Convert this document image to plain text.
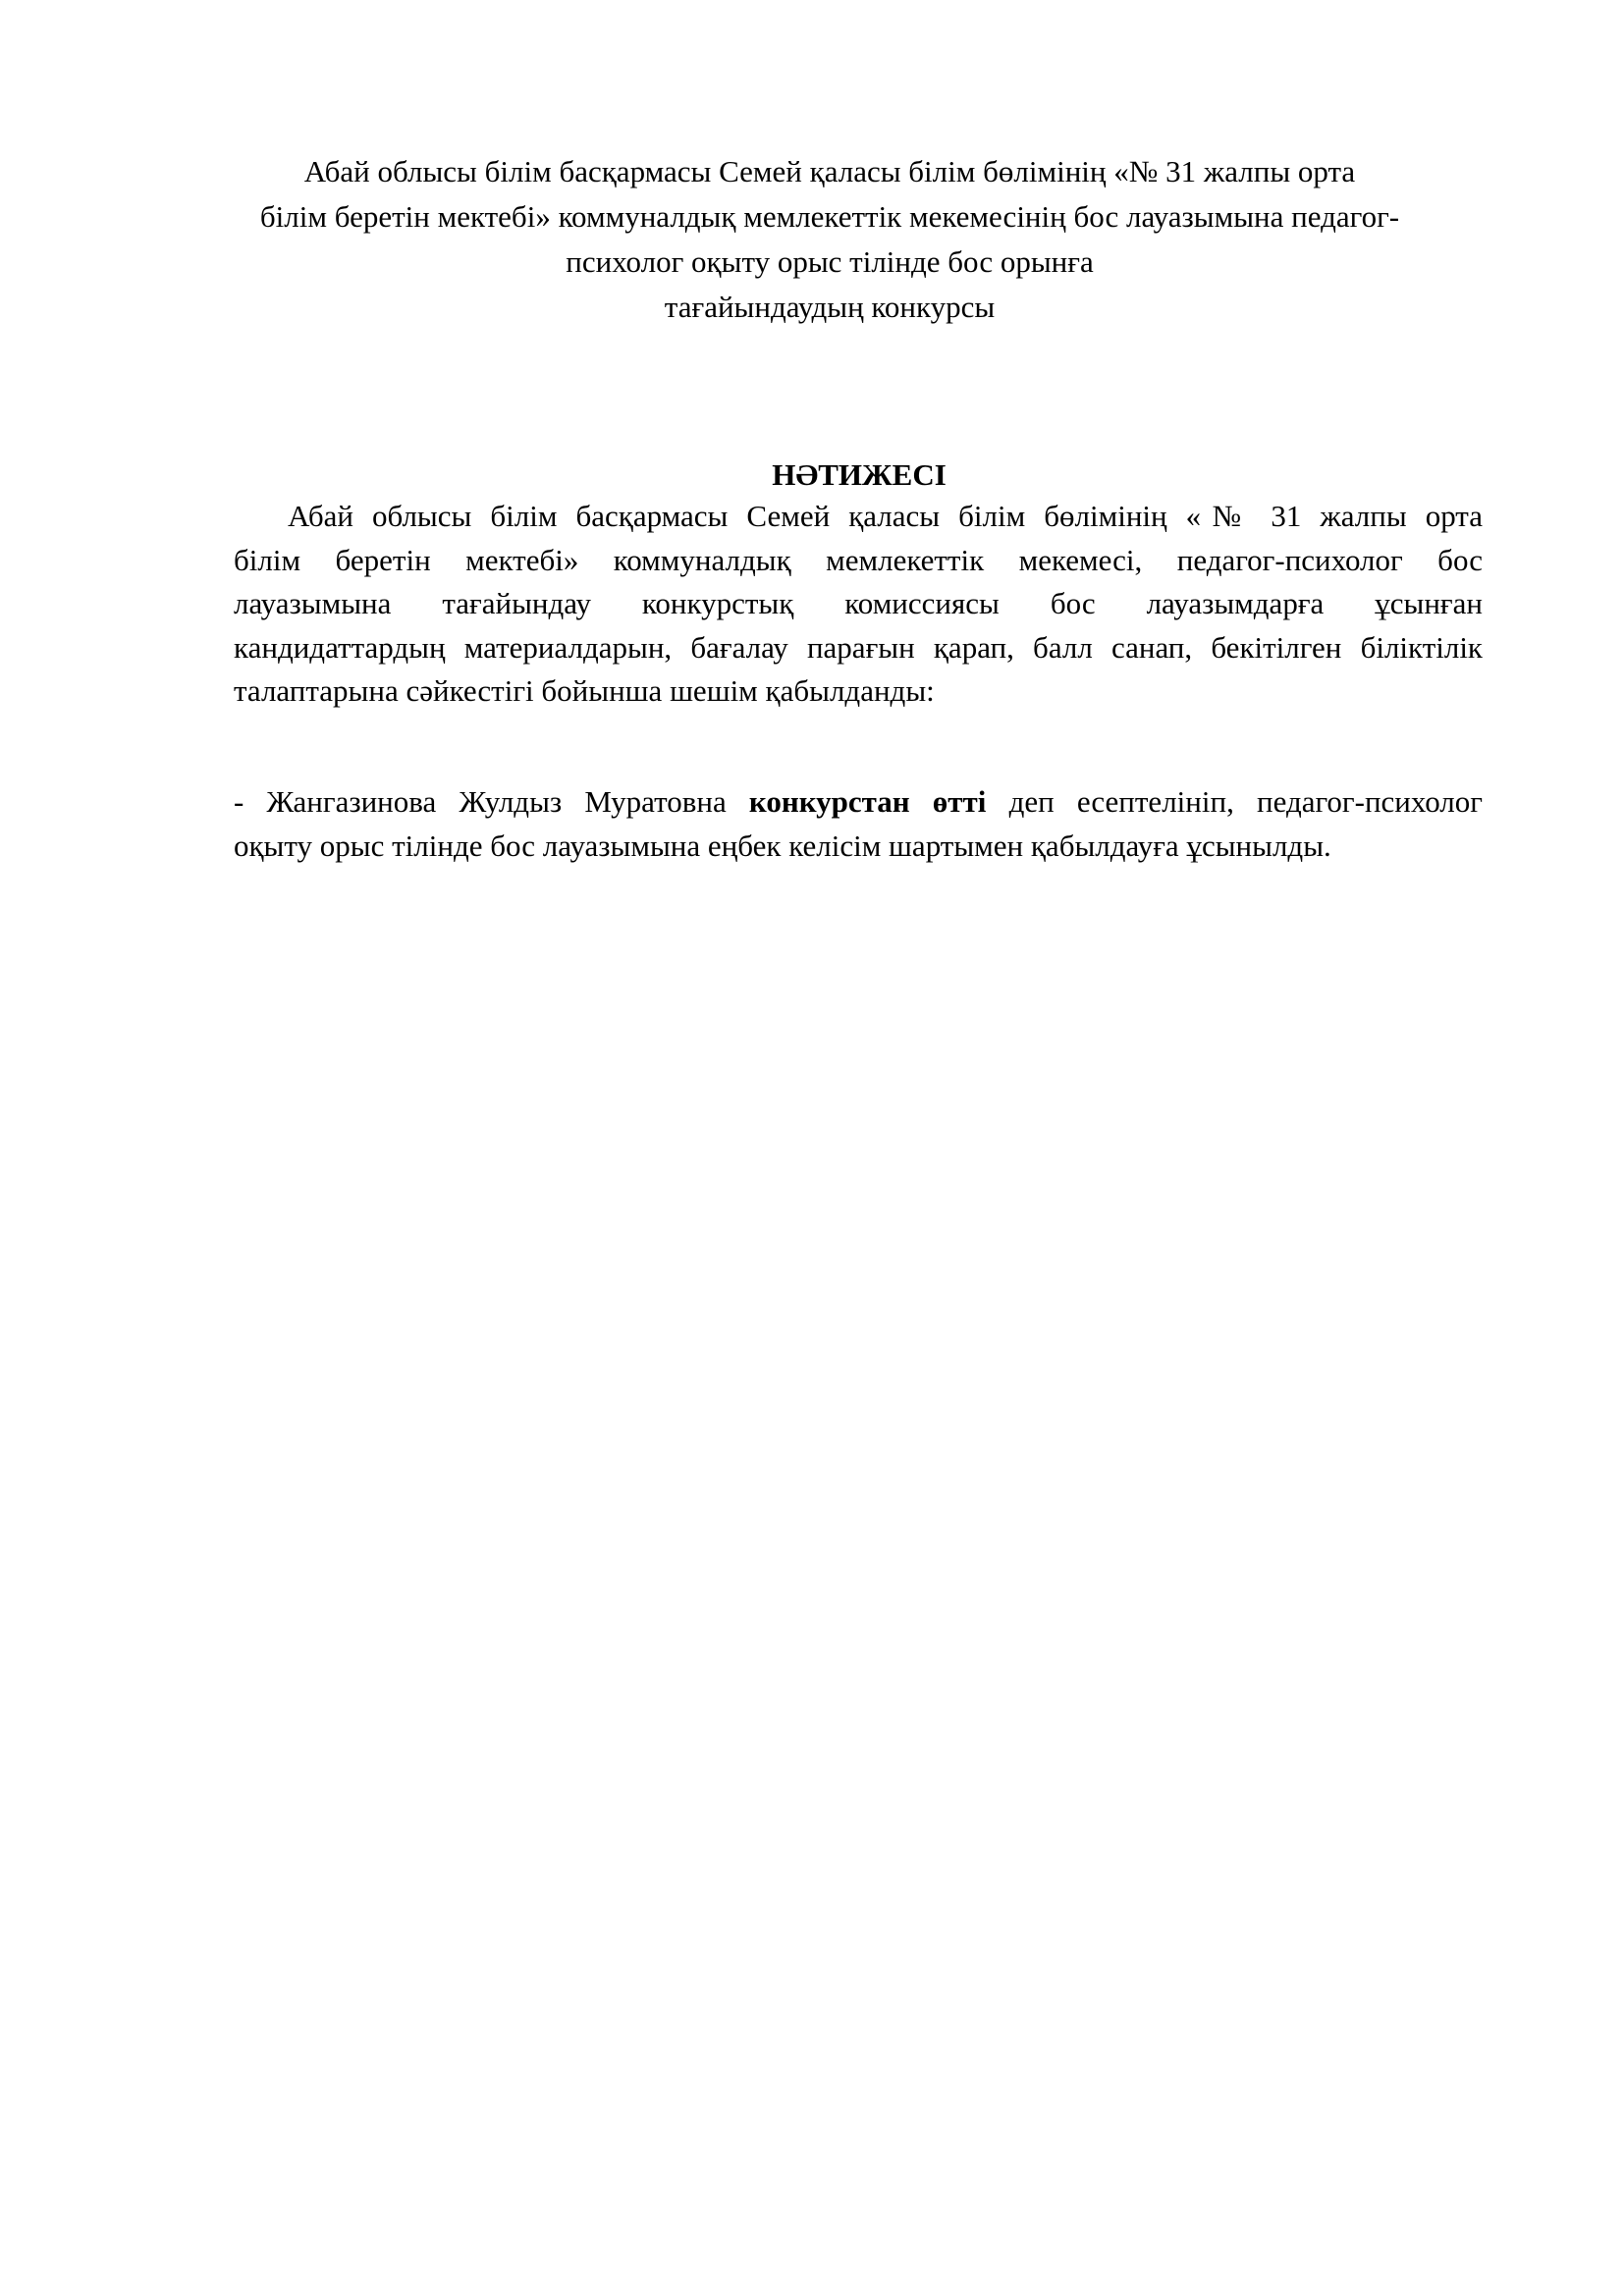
Абай облысы білім басқармасы Семей қаласы білім бөлімінің «№ 31 жалпы орта
білім беретін мектебі» коммуналдық мемлекеттік мекемесінің бос лауазымына педагог-
психолог оқыту орыс тілінде бос орынға
тағайындаудың конкурсы
НӘТИЖЕСІ
Абай облысы білім басқармасы Семей қаласы білім бөлімінің «№ 31 жалпы орта
білім беретін мектебі» коммуналдық мемлекеттік мекемесі, педагог-психолог бос
лауазымына тағайындау конкурстық комиссиясы бос лауазымдарға ұсынған
кандидаттардың материалдарын, бағалау парағын қарап, балл санап, бекітілген біліктілік
талаптарына сәйкестігі бойынша шешім қабылданды:
- Жангазинова Жулдыз Муратовна конкурстан өтті деп есептелініп, педагог-психолог
оқыту орыс тілінде бос лауазымына еңбек келісім шартымен қабылдауға ұсынылды.
